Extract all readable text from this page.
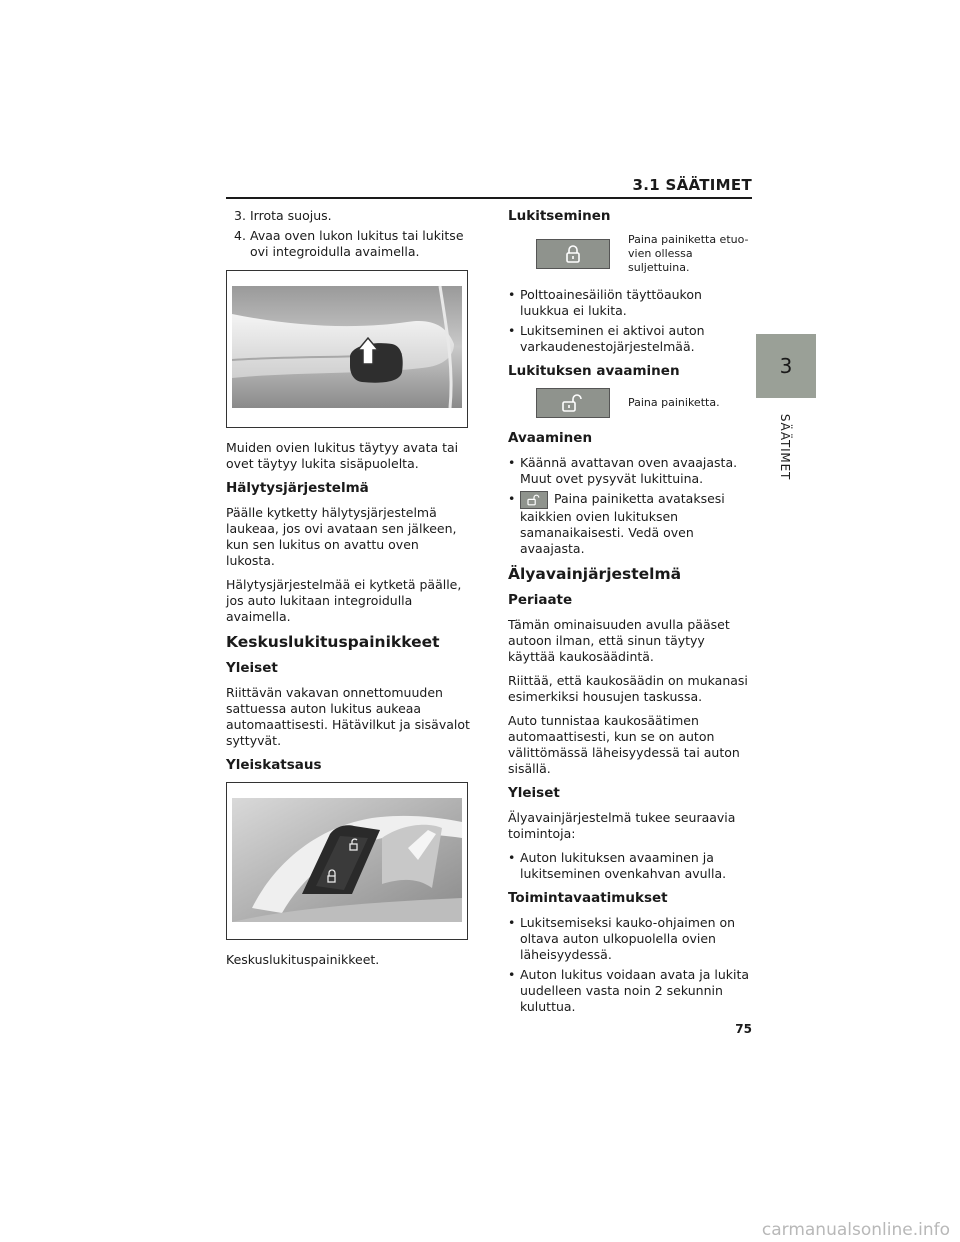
3.1 SÄÄTIMET
3
SÄÄTIMET
3. Irrota suojus.
4. Avaa oven lukon lukitus tai lukitse ovi integroidulla avaimella.

Muiden ovien lukitus täytyy avata tai ovet täytyy lukita sisäpuolelta.

Hälytysjärjestelmä

Päälle kytketty hälytysjärjestelmä laukeaa, jos ovi avataan sen jälkeen, kun sen lukitus on avattu oven lukosta.

Hälytysjärjestelmää ei kytketä päälle, jos auto lukitaan integroidulla avaimella.

Keskuslukituspainikkeet
Yleiset

Riittävän vakavan onnettomuuden sattuessa auton lukitus aukeaa automaattisesti. Hätävilkut ja sisävalot syttyvät.

Yleiskatsaus

Keskuslukituspainikkeet.

Lukitseminen
Paina painiketta etuo- vien ollessa suljettuina.
• Polttoainesäiliön täyttöaukon luukkua ei lukita.
• Lukitseminen ei aktivoi auton varkaudenestojärjestelmää.
Lukituksen avaaminen
Paina painiketta.
Avaaminen
• Käännä avattavan oven avaajasta. Muut ovet pysyvät lukittuina.
• Paina painiketta avataksesi kaikkien ovien lukituksen samanaikaisesti. Vedä oven avaajasta.
Älyavainjärjestelmä
Periaate

Tämän ominaisuuden avulla pääset autoon ilman, että sinun täytyy käyttää kaukosäädintä.

Riittää, että kaukosäädin on mukanasi esimerkiksi housujen taskussa.

Auto tunnistaa kaukosäätimen automaattisesti, kun se on auton välittömässä läheisyydessä tai auton sisällä.

Yleiset

Älyavainjärjestelmä tukee seuraavia toimintoja:

• Auton lukituksen avaaminen ja lukitseminen ovenkahvan avulla.
Toimintavaatimukset
• Lukitsemiseksi kauko-ohjaimen on oltava auton ulkopuolella ovien läheisyydessä.
• Auton lukitus voidaan avata ja lukita uudelleen vasta noin 2 sekunnin kuluttua.
75
carmanualsonline.info
